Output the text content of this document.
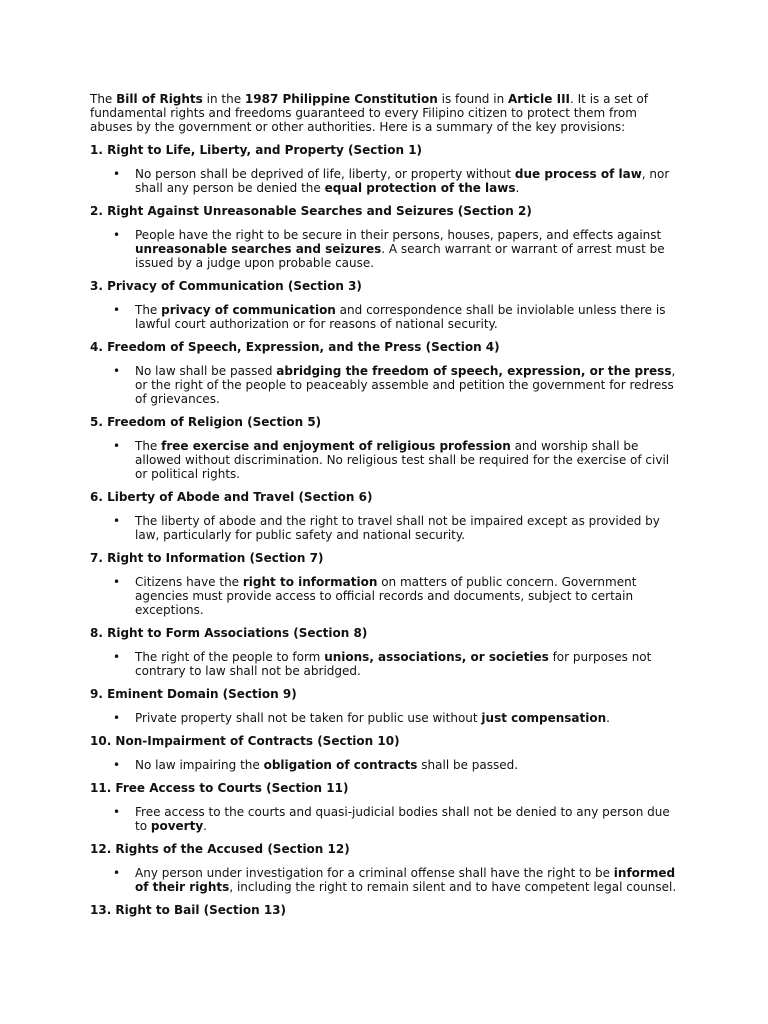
The Bill of Rights in the 1987 Philippine Constitution is found in Article III. It is a set of fundamental rights and freedoms guaranteed to every Filipino citizen to protect them from abuses by the government or other authorities. Here is a summary of the key provisions:

1. Right to Life, Liberty, and Property (Section 1)
• No person shall be deprived of life, liberty, or property without due process of law, nor shall any person be denied the equal protection of the laws.
2. Right Against Unreasonable Searches and Seizures (Section 2)
• People have the right to be secure in their persons, houses, papers, and effects against unreasonable searches and seizures. A search warrant or warrant of arrest must be issued by a judge upon probable cause.
3. Privacy of Communication (Section 3)
• The privacy of communication and correspondence shall be inviolable unless there is lawful court authorization or for reasons of national security.
4. Freedom of Speech, Expression, and the Press (Section 4)
• No law shall be passed abridging the freedom of speech, expression, or the press, or the right of the people to peaceably assemble and petition the government for redress of grievances.
5. Freedom of Religion (Section 5)
• The free exercise and enjoyment of religious profession and worship shall be allowed without discrimination. No religious test shall be required for the exercise of civil or political rights.
6. Liberty of Abode and Travel (Section 6)
• The liberty of abode and the right to travel shall not be impaired except as provided by law, particularly for public safety and national security.
7. Right to Information (Section 7)
• Citizens have the right to information on matters of public concern. Government agencies must provide access to official records and documents, subject to certain exceptions.
8. Right to Form Associations (Section 8)
• The right of the people to form unions, associations, or societies for purposes not contrary to law shall not be abridged.
9. Eminent Domain (Section 9)
• Private property shall not be taken for public use without just compensation.
10. Non-Impairment of Contracts (Section 10)
• No law impairing the obligation of contracts shall be passed.
11. Free Access to Courts (Section 11)
• Free access to the courts and quasi-judicial bodies shall not be denied to any person due to poverty.
12. Rights of the Accused (Section 12)
• Any person under investigation for a criminal offense shall have the right to be informed of their rights, including the right to remain silent and to have competent legal counsel.
13. Right to Bail (Section 13)
